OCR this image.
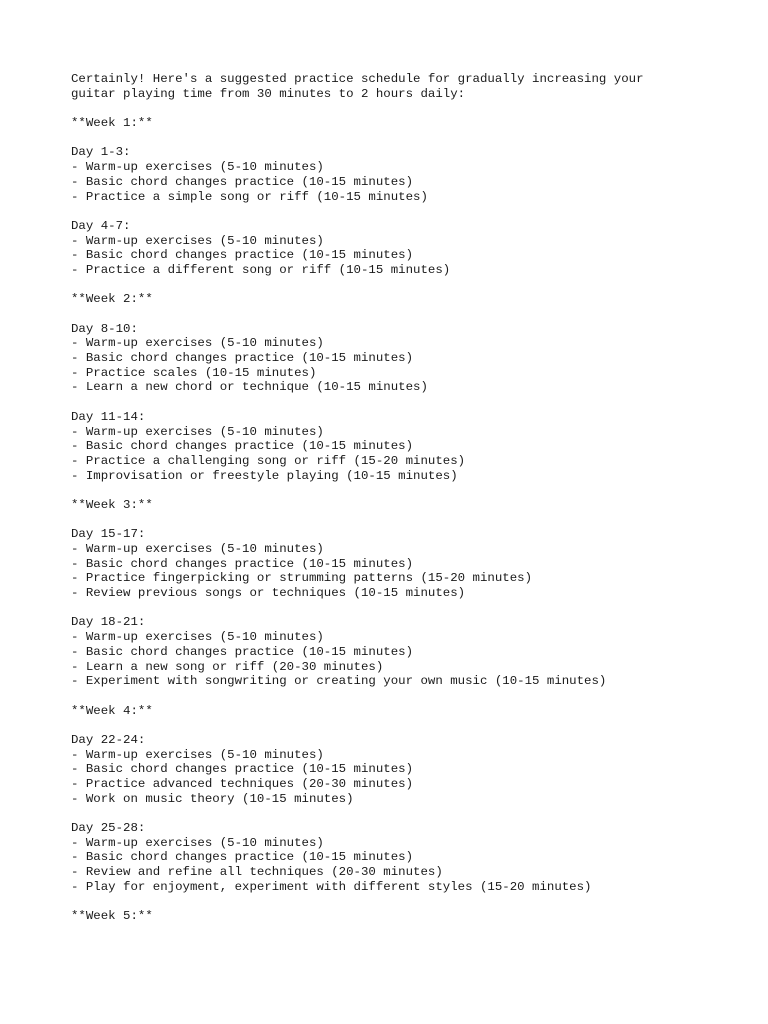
Certainly! Here's a suggested practice schedule for gradually increasing your
guitar playing time from 30 minutes to 2 hours daily:
**Week 1:**
Day 1-3:
- Warm-up exercises (5-10 minutes)
- Basic chord changes practice (10-15 minutes)
- Practice a simple song or riff (10-15 minutes)
Day 4-7:
- Warm-up exercises (5-10 minutes)
- Basic chord changes practice (10-15 minutes)
- Practice a different song or riff (10-15 minutes)
**Week 2:**
Day 8-10:
- Warm-up exercises (5-10 minutes)
- Basic chord changes practice (10-15 minutes)
- Practice scales (10-15 minutes)
- Learn a new chord or technique (10-15 minutes)
Day 11-14:
- Warm-up exercises (5-10 minutes)
- Basic chord changes practice (10-15 minutes)
- Practice a challenging song or riff (15-20 minutes)
- Improvisation or freestyle playing (10-15 minutes)
**Week 3:**
Day 15-17:
- Warm-up exercises (5-10 minutes)
- Basic chord changes practice (10-15 minutes)
- Practice fingerpicking or strumming patterns (15-20 minutes)
- Review previous songs or techniques (10-15 minutes)
Day 18-21:
- Warm-up exercises (5-10 minutes)
- Basic chord changes practice (10-15 minutes)
- Learn a new song or riff (20-30 minutes)
- Experiment with songwriting or creating your own music (10-15 minutes)
**Week 4:**
Day 22-24:
- Warm-up exercises (5-10 minutes)
- Basic chord changes practice (10-15 minutes)
- Practice advanced techniques (20-30 minutes)
- Work on music theory (10-15 minutes)
Day 25-28:
- Warm-up exercises (5-10 minutes)
- Basic chord changes practice (10-15 minutes)
- Review and refine all techniques (20-30 minutes)
- Play for enjoyment, experiment with different styles (15-20 minutes)
**Week 5:**
